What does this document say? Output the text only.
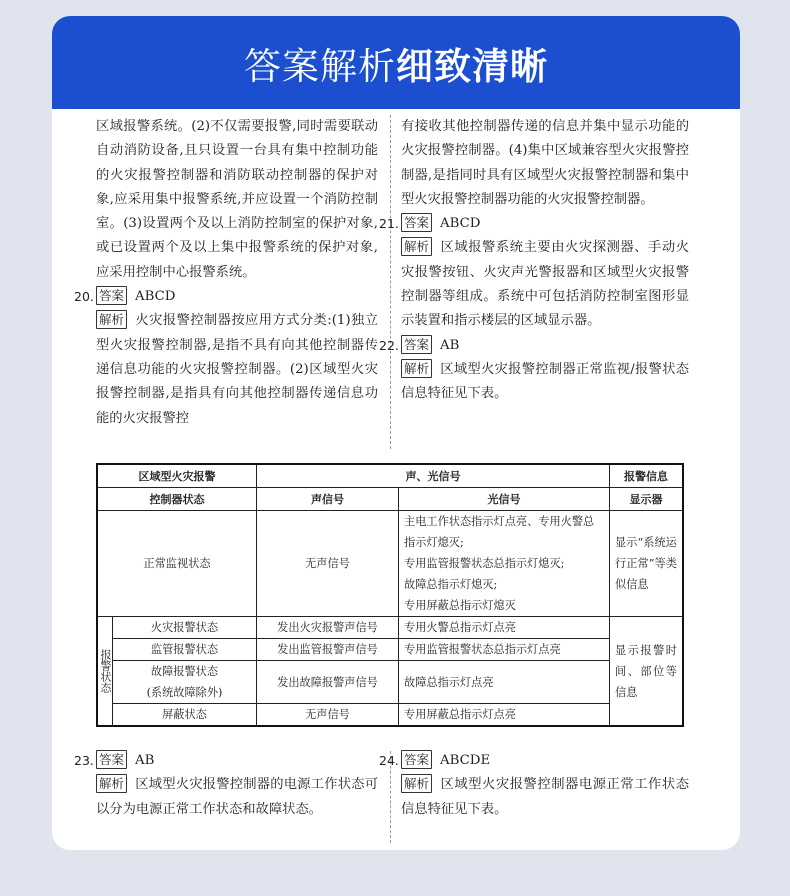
答案解析 细致清晰
区域报警系统。(2)不仅需要报警,同时需要联动自动消防设备,且只设置一台具有集中控制功能的火灾报警控制器和消防联动控制器的保护对象,应采用集中报警系统,并应设置一个消防控制室。(3)设置两个及以上消防控制室的保护对象,或已设置两个及以上集中报警系统的保护对象,应采用控制中心报警系统。
20. 答案 ABCD
解析 火灾报警控制器按应用方式分类:(1)独立型火灾报警控制器,是指不具有向其他控制器传递信息功能的火灾报警控制器。(2)区域型火灾报警控制器,是指具有向其他控制器传递信息功能的火灾报警控
有接收其他控制器传递的信息并集中显示功能的火灾报警控制器。(4)集中区域兼容型火灾报警控制器,是指同时具有区域型火灾报警控制器和集中型火灾报警控制器功能的火灾报警控制器。
21. 答案 ABCD
解析 区域报警系统主要由火灾探测器、手动火灾报警按钮、火灾声光警报器和区域型火灾报警控制器等组成。系统中可包括消防控制室图形显示装置和指示楼层的区域显示器。
22. 答案 AB
解析 区域型火灾报警控制器正常监视/报警状态信息特征见下表。
区域型火灾报警		声、光信号		报警信息
控制器状态		声信号	光信号	显示器
正常监视状态		无声信号	主电工作状态指示灯点亮、专用火警总指示灯熄灭;
专用监管报警状态总指示灯熄灭;
故障总指示灯熄灭;
专用屏蔽总指示灯熄灭	显示“系统运行正常”等类似信息

报警状态	火灾报警状态	发出火灾报警声信号	专用火警总指示灯点亮	显示报警时间、部位等信息
	监管报警状态	发出监管报警声信号	专用监管报警状态总指示灯点亮	

	故障报警状态
(系统故障除外)	发出故障报警声信号	故障总指示灯点亮	
	屏蔽状态	无声信号	专用屏蔽总指示灯点亮	
23. 答案 AB
解析 区域型火灾报警控制器的电源工作状态可以分为电源正常工作状态和故障状态。
24. 答案 ABCDE
解析 区域型火灾报警控制器电源正常工作状态信息特征见下表。
